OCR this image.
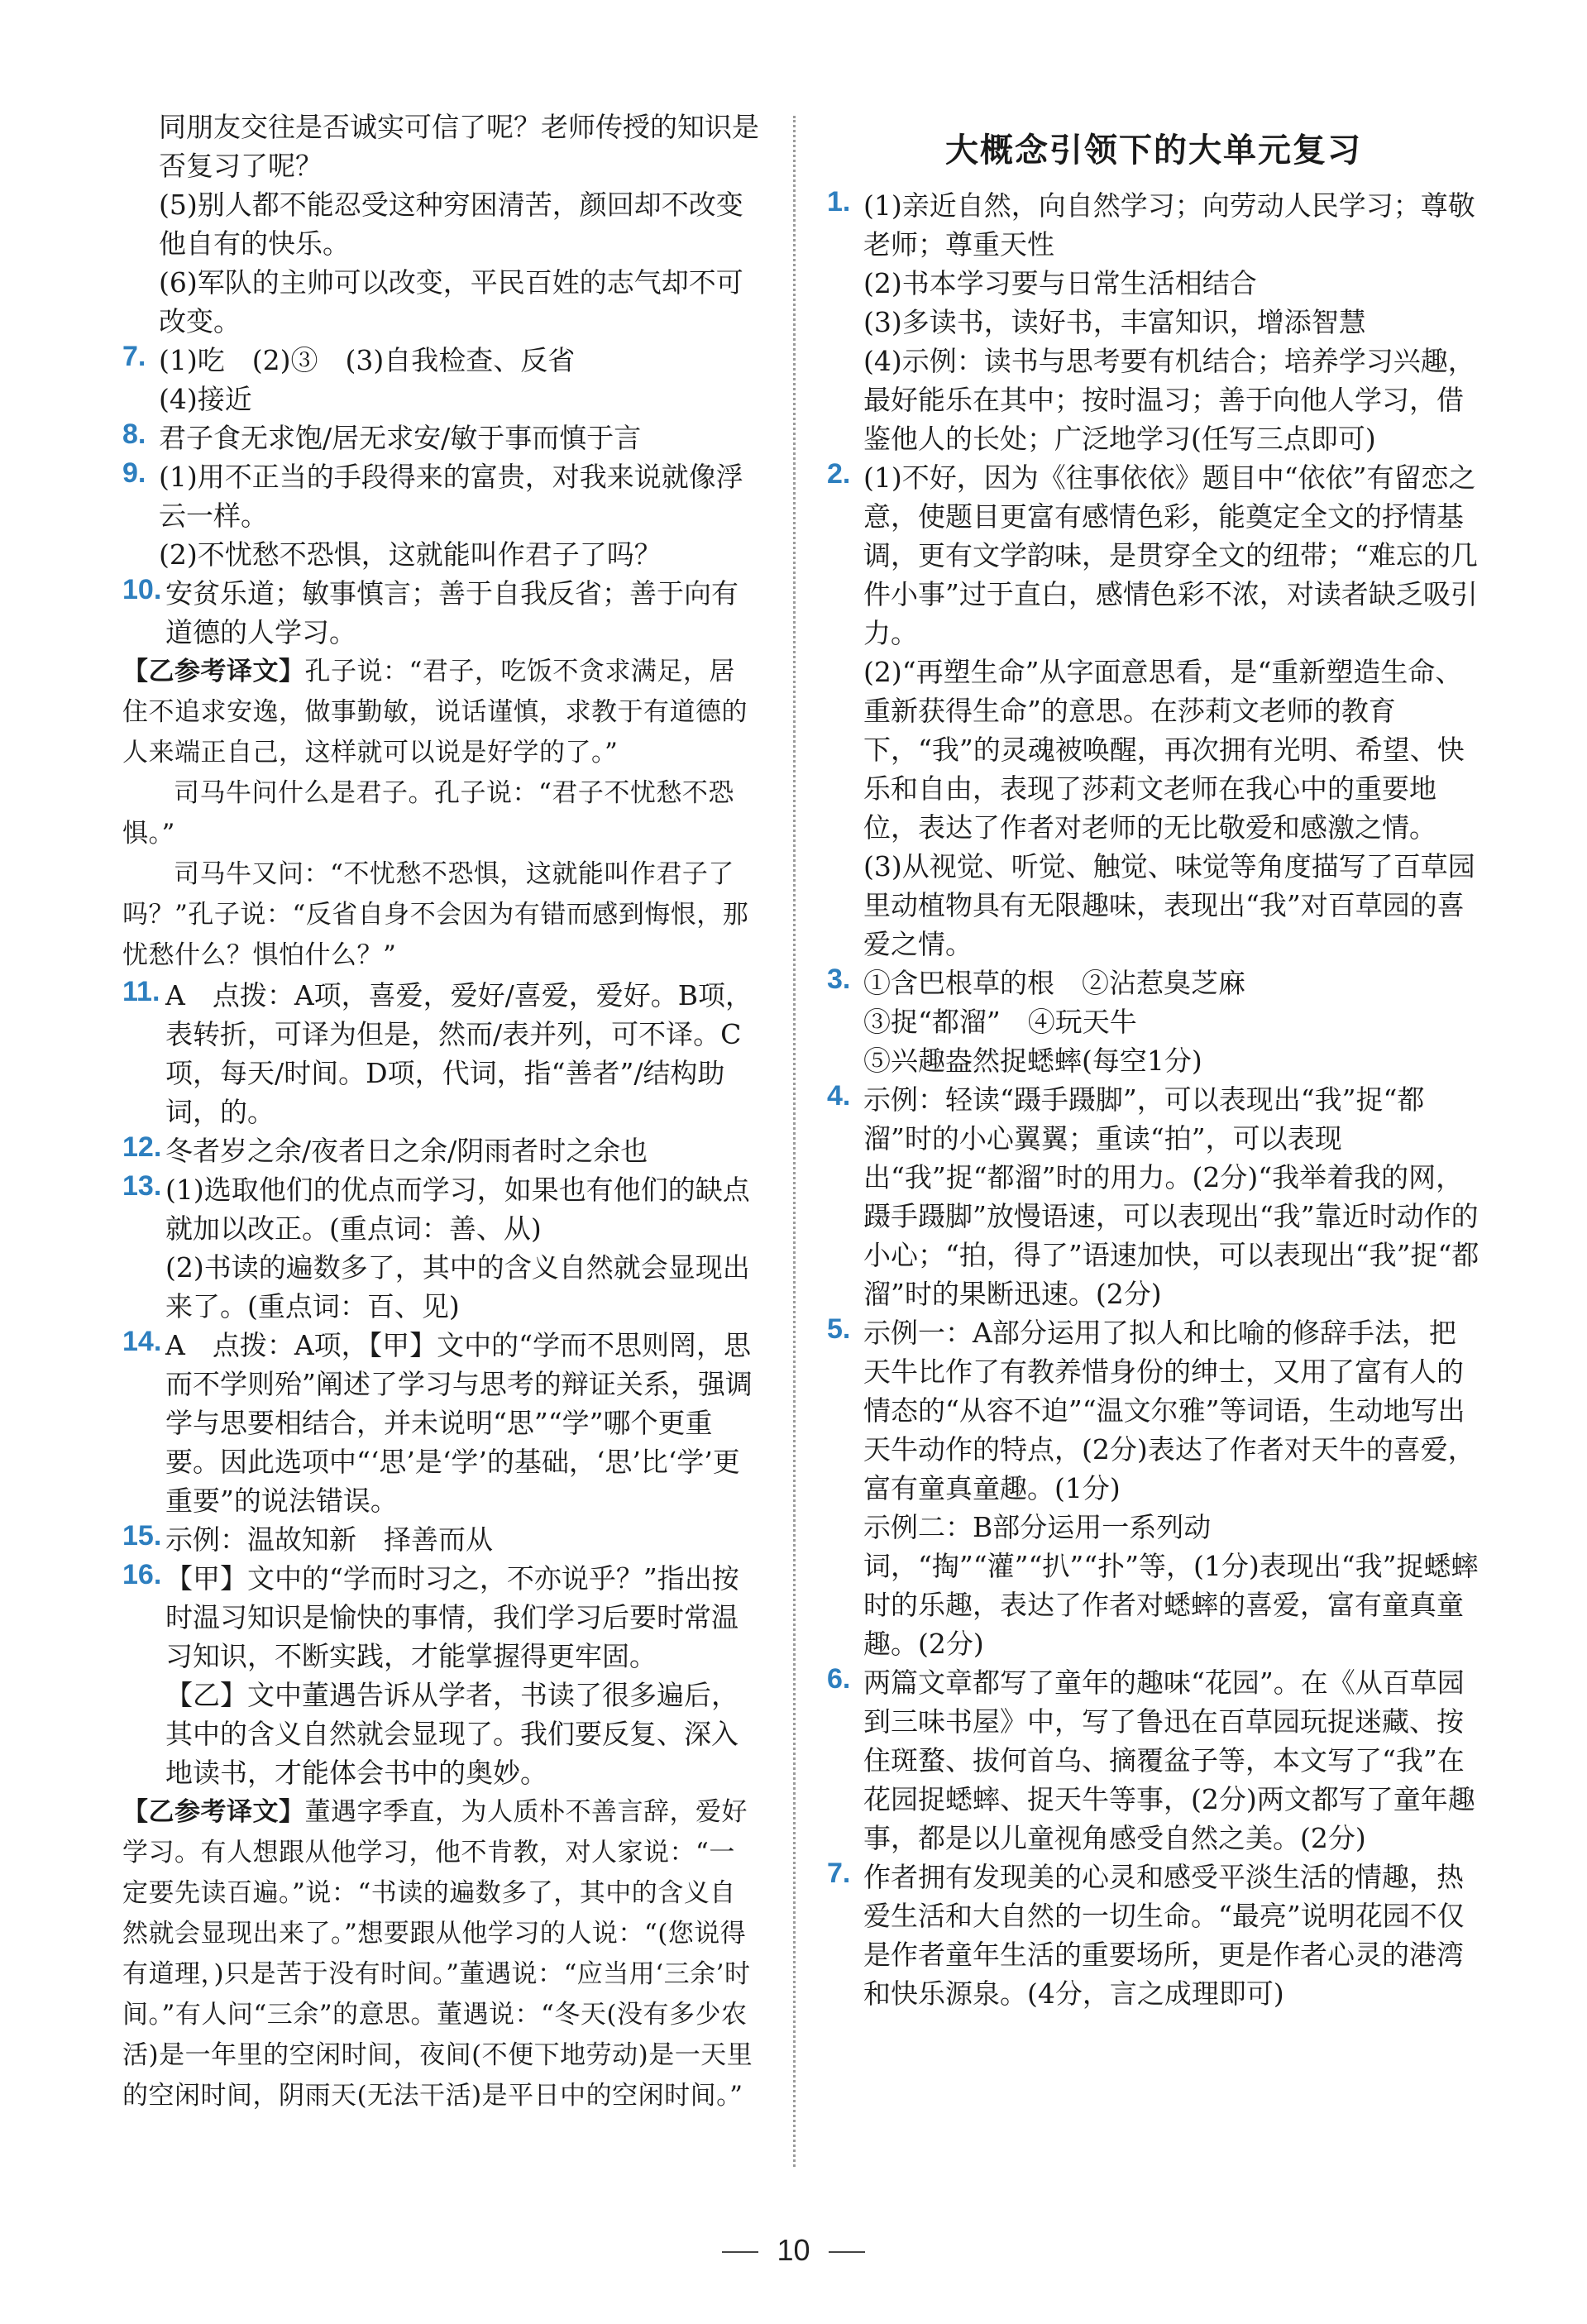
同朋友交往是否诚实可信了呢？老师传授的知识是否复习了呢？

(5)别人都不能忍受这种穷困清苦，颜回却不改变他自有的快乐。

(6)军队的主帅可以改变，平民百姓的志气却不可改变。

7. (1)吃　(2)③　(3)自我检查、反省

(4)接近

8. 君子食无求饱/居无求安/敏于事而慎于言

9. (1)用不正当的手段得来的富贵，对我来说就像浮云一样。

(2)不忧愁不恐惧，这就能叫作君子了吗？

10. 安贫乐道；敏事慎言；善于自我反省；善于向有道德的人学习。

【乙参考译文】孔子说：“君子，吃饭不贪求满足，居住不追求安逸，做事勤敏，说话谨慎，求教于有道德的人来端正自己，这样就可以说是好学的了。”

司马牛问什么是君子。孔子说：“君子不忧愁不恐惧。”

司马牛又问：“不忧愁不恐惧，这就能叫作君子了吗？”孔子说：“反省自身不会因为有错而感到悔恨，那忧愁什么？惧怕什么？”

11. A　点拨：A项，喜爱，爱好/喜爱，爱好。B项，表转折，可译为但是，然而/表并列，可不译。C项，每天/时间。D项，代词，指“善者”/结构助词，的。

12. 冬者岁之余/夜者日之余/阴雨者时之余也

13. (1)选取他们的优点而学习，如果也有他们的缺点就加以改正。(重点词：善、从)

(2)书读的遍数多了，其中的含义自然就会显现出来了。(重点词：百、见)

14. A　点拨：A项，【甲】文中的“学而不思则罔，思而不学则殆”阐述了学习与思考的辩证关系，强调学与思要相结合，并未说明“思”“学”哪个更重要。因此选项中“‘思’是‘学’的基础，‘思’比‘学’更重要”的说法错误。

15. 示例：温故知新　择善而从

16. 【甲】文中的“学而时习之，不亦说乎？”指出按时温习知识是愉快的事情，我们学习后要时常温习知识，不断实践，才能掌握得更牢固。

【乙】文中董遇告诉从学者，书读了很多遍后，其中的含义自然就会显现了。我们要反复、深入地读书，才能体会书中的奥妙。

【乙参考译文】董遇字季直，为人质朴不善言辞，爱好学习。有人想跟从他学习，他不肯教，对人家说：“一定要先读百遍。”说：“书读的遍数多了，其中的含义自然就会显现出来了。”想要跟从他学习的人说：“(您说得有道理，)只是苦于没有时间。”董遇说：“应当用‘三余’时间。”有人问“三余”的意思。董遇说：“冬天(没有多少农活)是一年里的空闲时间，夜间(不便下地劳动)是一天里的空闲时间，阴雨天(无法干活)是平日中的空闲时间。”

大概念引领下的大单元复习
1. (1)亲近自然，向自然学习；向劳动人民学习；尊敬老师；尊重天性

(2)书本学习要与日常生活相结合

(3)多读书，读好书，丰富知识，增添智慧

(4)示例：读书与思考要有机结合；培养学习兴趣，最好能乐在其中；按时温习；善于向他人学习，借鉴他人的长处；广泛地学习(任写三点即可)

2. (1)不好，因为《往事依依》题目中“依依”有留恋之意，使题目更富有感情色彩，能奠定全文的抒情基调，更有文学韵味，是贯穿全文的纽带；“难忘的几件小事”过于直白，感情色彩不浓，对读者缺乏吸引力。

(2)“再塑生命”从字面意思看，是“重新塑造生命、重新获得生命”的意思。在莎莉文老师的教育下，“我”的灵魂被唤醒，再次拥有光明、希望、快乐和自由，表现了莎莉文老师在我心中的重要地位，表达了作者对老师的无比敬爱和感激之情。

(3)从视觉、听觉、触觉、味觉等角度描写了百草园里动植物具有无限趣味，表现出“我”对百草园的喜爱之情。

3. ①含巴根草的根　②沾惹臭芝麻

③捉“都溜”　④玩天牛

⑤兴趣盎然捉蟋蟀(每空1分)

4. 示例：轻读“蹑手蹑脚”，可以表现出“我”捉“都溜”时的小心翼翼；重读“拍”，可以表现出“我”捉“都溜”时的用力。(2分)“我举着我的网，蹑手蹑脚”放慢语速，可以表现出“我”靠近时动作的小心；“拍，得了”语速加快，可以表现出“我”捉“都溜”时的果断迅速。(2分)

5. 示例一：A部分运用了拟人和比喻的修辞手法，把天牛比作了有教养惜身份的绅士，又用了富有人的情态的“从容不迫”“温文尔雅”等词语，生动地写出天牛动作的特点，(2分)表达了作者对天牛的喜爱，富有童真童趣。(1分)

示例二：B部分运用一系列动词，“掏”“灌”“扒”“扑”等，(1分)表现出“我”捉蟋蟀时的乐趣，表达了作者对蟋蟀的喜爱，富有童真童趣。(2分)

6. 两篇文章都写了童年的趣味“花园”。在《从百草园到三味书屋》中，写了鲁迅在百草园玩捉迷藏、按住斑蝥、拔何首乌、摘覆盆子等，本文写了“我”在花园捉蟋蟀、捉天牛等事，(2分)两文都写了童年趣事，都是以儿童视角感受自然之美。(2分)

7. 作者拥有发现美的心灵和感受平淡生活的情趣，热爱生活和大自然的一切生命。“最亮”说明花园不仅是作者童年生活的重要场所，更是作者心灵的港湾和快乐源泉。(4分，言之成理即可)

10
